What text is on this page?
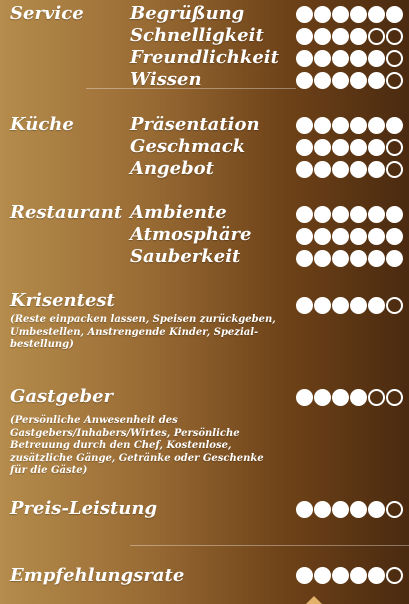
Service	Begrüßung
Schnelligkeit
Freundlichkeit
Wissen
Küche	Präsentation
Geschmack
Angebot
Restaurant Ambiente
Atmosphäre
Sauberkeit
Krisentest
(Reste einpacken lassen, Speisen zurückgeben, Umbestellen, Anstrengende Kinder, Spezial-bestellung)
Gastgeber
(Persönliche Anwesenheit des Gastgebers/Inhabers/Wirtes, Persönliche Betreuung durch den Chef, Kostenlose, zusätzliche Gänge, Getränke oder Geschenke für die Gäste)
Preis-Leistung
Empfehlungsrate
